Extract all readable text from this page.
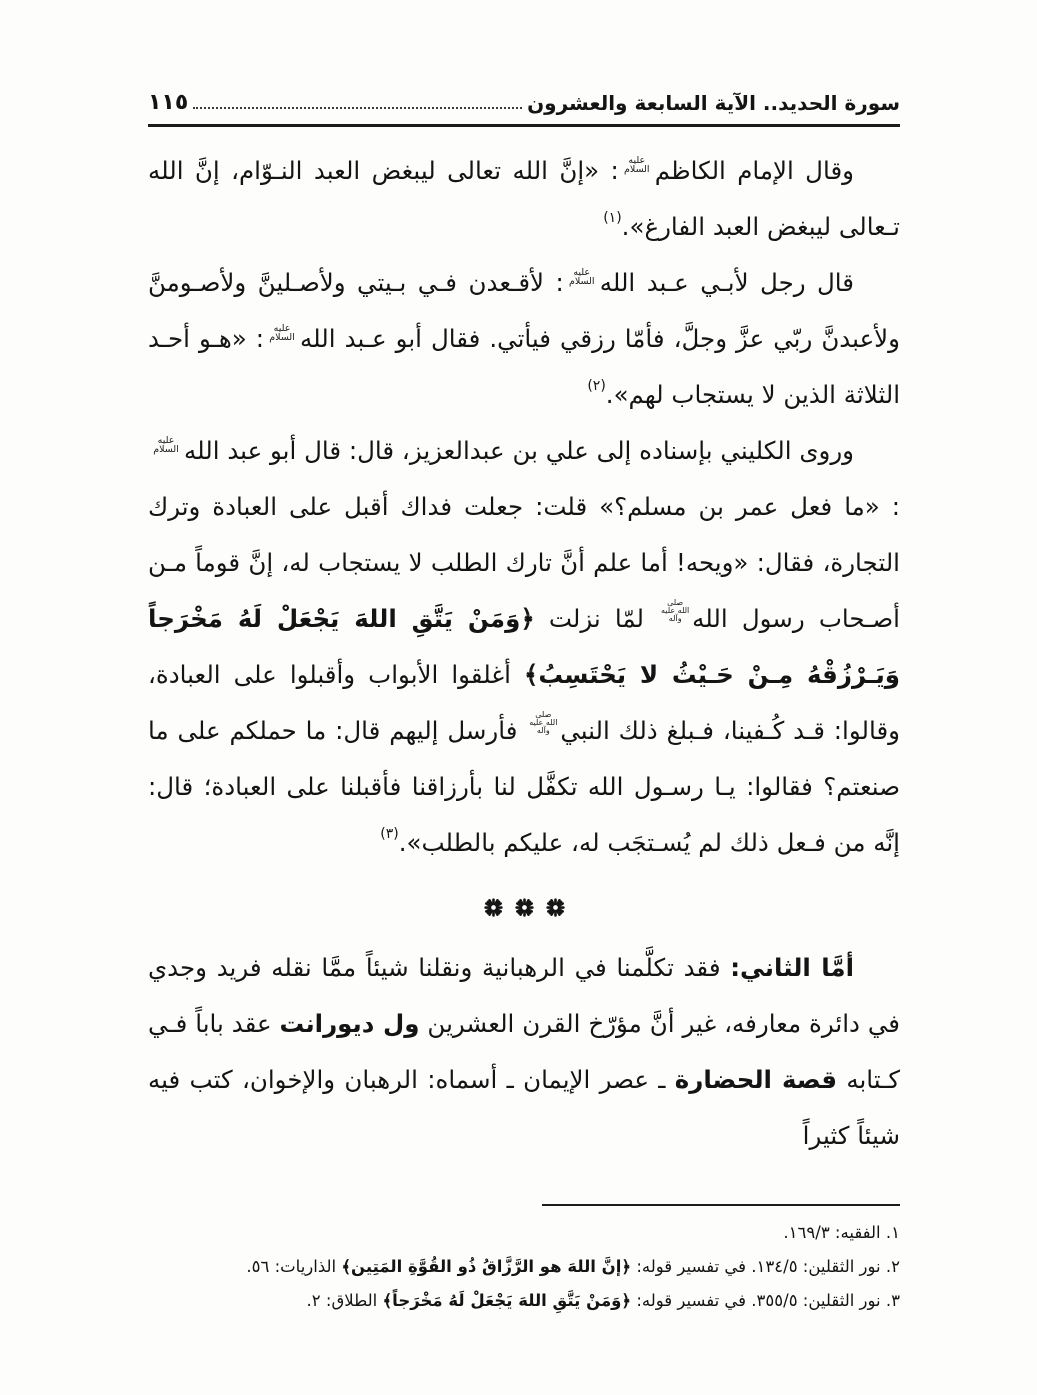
سورة الحديد.. الآية السابعة والعشرون
١١٥

وقال الإمام الكاظمعليه السلام: «إنَّ الله تعالى ليبغض العبد النـوّام، إنَّ الله تـعالى ليبغض العبد الفارغ».$^{(١)}$

قال رجل لأبـي عـبد اللهعليه السلام: لأقـعدن فـي بـيتي ولأصـلينَّ ولأصـومنَّ ولأعبدنَّ ربّي عزَّ وجلَّ، فأمّا رزقي فيأتي. فقال أبو عـبد اللهعليه السلام: «هـو أحـد الثلاثة الذين لا يستجاب لهم».$^{(٢)}$

وروى الكليني بإسناده إلى علي بن عبدالعزيز، قال: قال أبو عبد اللهعليه السلام: «ما فعل عمر بن مسلم؟» قلت: جعلت فداك أقبل على العبادة وترك التجارة، فقال: «ويحه! أما علم أنَّ تارك الطلب لا يستجاب له، إنَّ قوماً مـن أصـحاب رسول اللهصلى الله عليه وآله لمّا نزلت ﴿وَمَنْ يَتَّقِ اللهَ يَجْعَلْ لَهُ مَخْرَجاً وَيَـرْزُقْهُ مِـنْ حَـيْثُ لا يَحْتَسِبُ﴾ أغلقوا الأبواب وأقبلوا على العبادة، وقالوا: قـد كُـفينا، فـبلغ ذلك النبيصلى الله عليه وآله فأرسل إليهم قال: ما حملكم على ما صنعتم؟ فقالوا: يـا رسـول الله تكفَّل لنا بأرزاقنا فأقبلنا على العبادة؛ قال: إنَّه من فـعل ذلك لم يُسـتجَب له، عليكم بالطلب».$^{(٣)}$

أمَّا الثاني: فقد تكلَّمنا في الرهبانية ونقلنا شيئاً ممَّا نقله فريد وجدي في دائرة معارفه، غير أنَّ مؤرّخ القرن العشرين ول ديورانت عقد باباً فـي كـتابه قصة الحضارة ـ عصر الإيمان ـ أسماه: الرهبان والإخوان، كتب فيه شيئاً كثيراً

١. الفقيه: ١٦٩/٣.
٢. نور الثقلين: ١٣٤/٥. في تفسير قوله: ﴿إنَّ اللهَ هو الرَّزَّاقُ ذُو القُوَّةِ المَتِين﴾ الذاريات: ٥٦.
٣. نور الثقلين: ٣٥٥/٥. في تفسير قوله: ﴿وَمَنْ يَتَّقِ اللهَ يَجْعَلْ لَهُ مَخْرَجاً﴾ الطلاق: ٢.
